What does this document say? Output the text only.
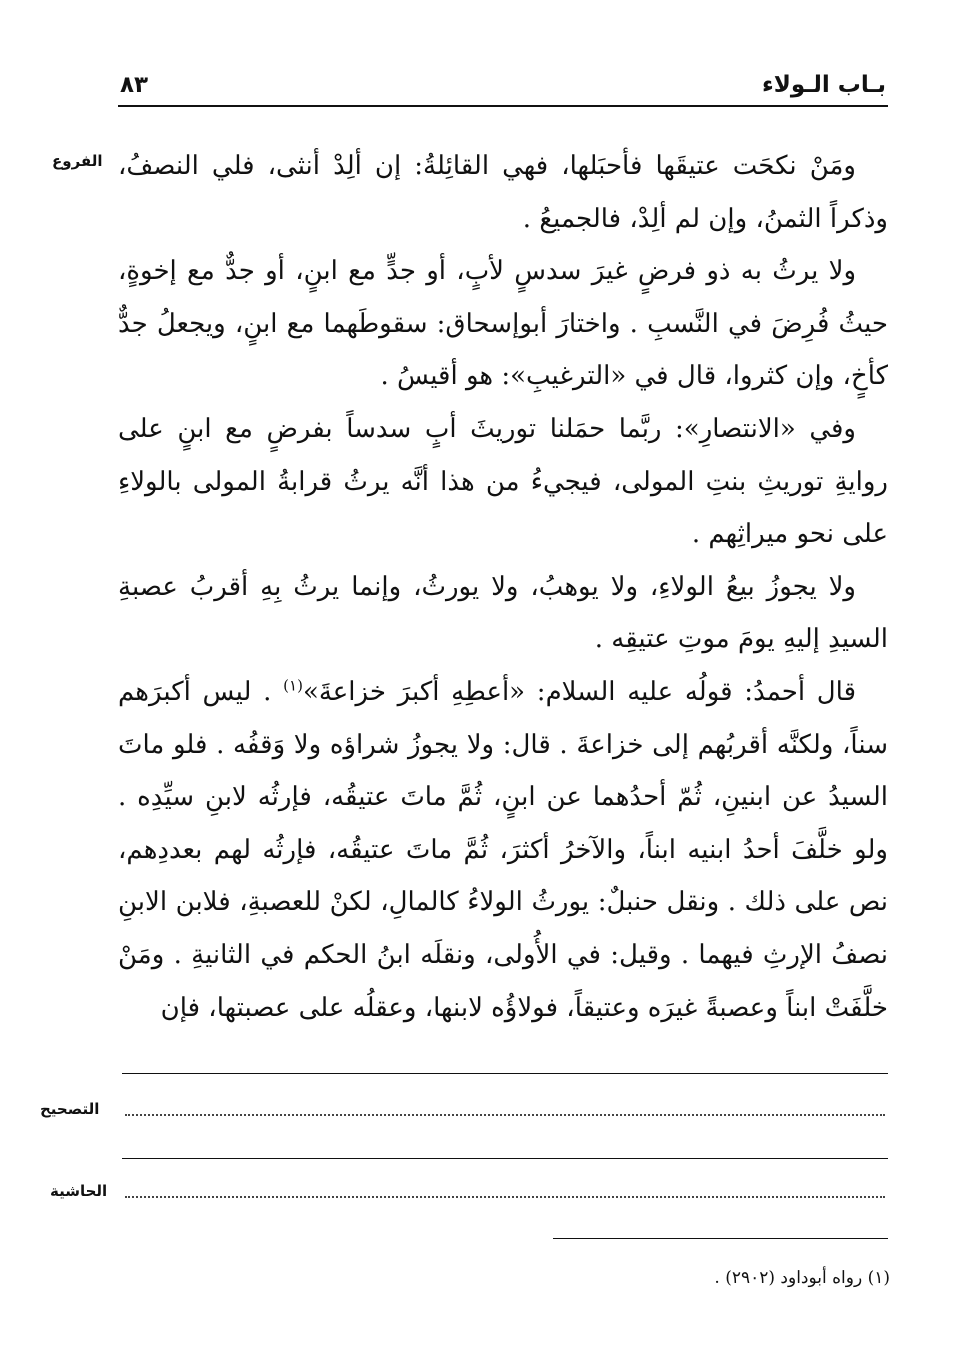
بـاب الـولاء
٨٣
الفروع ومَنْ نكحَت عتيقَها فأحبَلها، فهي القائِلةُ: إن ألِدْ أنثى، فلي النصفُ، وذكراً الثمنُ، وإن لم ألِدْ، فالجميعُ .

ولا يرثُ به ذو فرضٍ غيرَ سدسٍ لأبٍ، أو جدٍّ مع ابنٍ، أو جدٌّ مع إخوةٍ، حيثُ فُرِضَ في النَّسبِ . واختارَ أبوإسحاق: سقوطَهما مع ابنٍ، ويجعلُ جدٌّ كأخٍ، وإن كثروا، قال في «الترغيبِ»: هو أقيسُ .

وفي «الانتصارِ»: ربَّما حمَلنا توريثَ أبٍ سدساً بفرضٍ مع ابنٍ على روايةِ توريثِ بنتِ المولى، فيجيءُ من هذا أنَّه يرثُ قرابةُ المولى بالولاءِ على نحو ميراثِهم .

ولا يجوزُ بيعُ الولاءِ، ولا يوهبُ، ولا يورثُ، وإنما يرثُ بِهِ أقربُ عصبةِ السيدِ إليهِ يومَ موتِ عتيقِه .

قال أحمدُ: قولُه عليه السلام: «أعطِهِ أكبرَ خزاعةَ»$^{(١)}$ . ليس أكبرَهم سناً، ولكنَّه أقربُهم إلى خزاعةَ . قال: ولا يجوزُ شراؤه ولا وَقفُه . فلو ماتَ السيدُ عن ابنينِ، ثُمّ أحدُهما عن ابنٍ، ثُمَّ ماتَ عتيقُه، فإرثُه لابنِ سيِّدِه . ولو خلَّفَ أحدُ ابنيه ابناً، والآخرُ أكثرَ، ثُمَّ ماتَ عتيقُه، فإرثُه لهم بعددِهم، نص على ذلك . ونقل حنبلٌ: يورثُ الولاءُ كالمالِ، لكنْ للعصبةِ، فلابن الابنِ نصفُ الإرثِ فيهما . وقيل: في الأُولى، ونقلَه ابنُ الحكم في الثانيةِ . ومَنْ خلَّفَتْ ابناً وعصبةً غيرَه وعتيقاً، فولاؤُه لابنها، وعقلُه على عصبتها، فإن

التصحيح
الحاشية
(١) رواه أبوداود (٢٩٠٢) .
